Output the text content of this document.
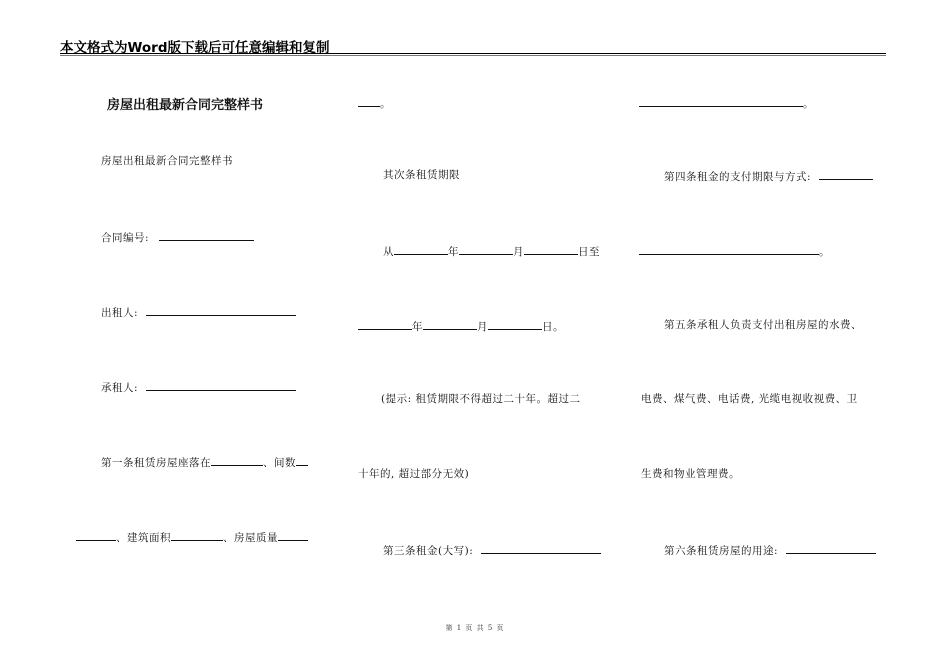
本文格式为Word版下载后可任意编辑和复制
房屋出租最新合同完整样书
房屋出租最新合同完整样书
合同编号:
出租人:
承租人:
第一条租赁房屋座落在	、间数
、建筑面积	、房屋质量
。
其次条租赁期限
从	年	月	日至
年	月	日。
(提示: 租赁期限不得超过二十年。超过二
十年的, 超过部分无效)
第三条租金(大写):
。
第四条租金的支付期限与方式:
。
第五条承租人负责支付出租房屋的水费、
电费、煤气费、电话费, 光缆电视收视费、卫
生费和物业管理费。
第六条租赁房屋的用途:
第 1 页 共 5 页
